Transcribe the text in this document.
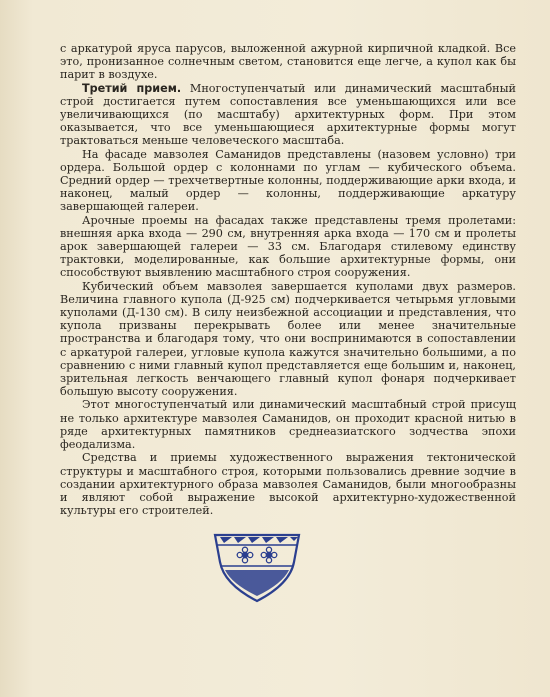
с аркатурой яруса парусов, выложенной ажурной кирпичной кладкой. Все это, пронизанное солнечным светом, становится еще легче, а купол как бы парит в воздухе.

Третий прием. Многоступенчатый или динамический масштабный строй достигается путем сопоставления все уменьшающихся или все увеличивающихся (по масштабу) архитектурных форм. При этом оказывается, что все уменьшающиеся архитектурные формы могут трактоваться меньше человеческого масштаба.

На фасаде мавзолея Саманидов представлены (назовем условно) три ордера. Большой ордер с колоннами по углам — кубического объема. Средний ордер — трехчетвертные колонны, поддерживающие арки входа, и наконец, малый ордер — колонны, поддерживающие аркатуру завершающей галереи.

Арочные проемы на фасадах также представлены тремя пролетами: внешняя арка входа — 290 см, внутренняя арка входа — 170 см и пролеты арок завершающей галереи — 33 см. Благодаря стилевому единству трактовки, моделированные, как большие архитектурные формы, они способствуют выявлению масштабного строя сооружения.

Кубический объем мавзолея завершается куполами двух размеров. Величина главного купола (Д-925 см) подчеркивается четырьмя угловыми куполами (Д-130 см). В силу неизбежной ассоциации и представления, что купола призваны перекрывать более или менее значительные пространства и благодаря тому, что они воспринимаются в сопоставлении с аркатурой галереи, угловые купола кажутся значительно большими, а по сравнению с ними главный купол представляется еще большим и, наконец, зрительная легкость венчающего главный купол фонаря подчеркивает большую высоту сооружения.

Этот многоступенчатый или динамический масштабный строй присущ не только архитектуре мавзолея Саманидов, он проходит красной нитью в ряде архитектурных памятников среднеазиатского зодчества эпохи феодализма.

Средства и приемы художественного выражения тектонической структуры и масштабного строя, которыми пользовались древние зодчие в создании архитектурного образа мавзолея Саманидов, были многообразны и являют собой выражение высокой архитектурно-художественной культуры его строителей.
